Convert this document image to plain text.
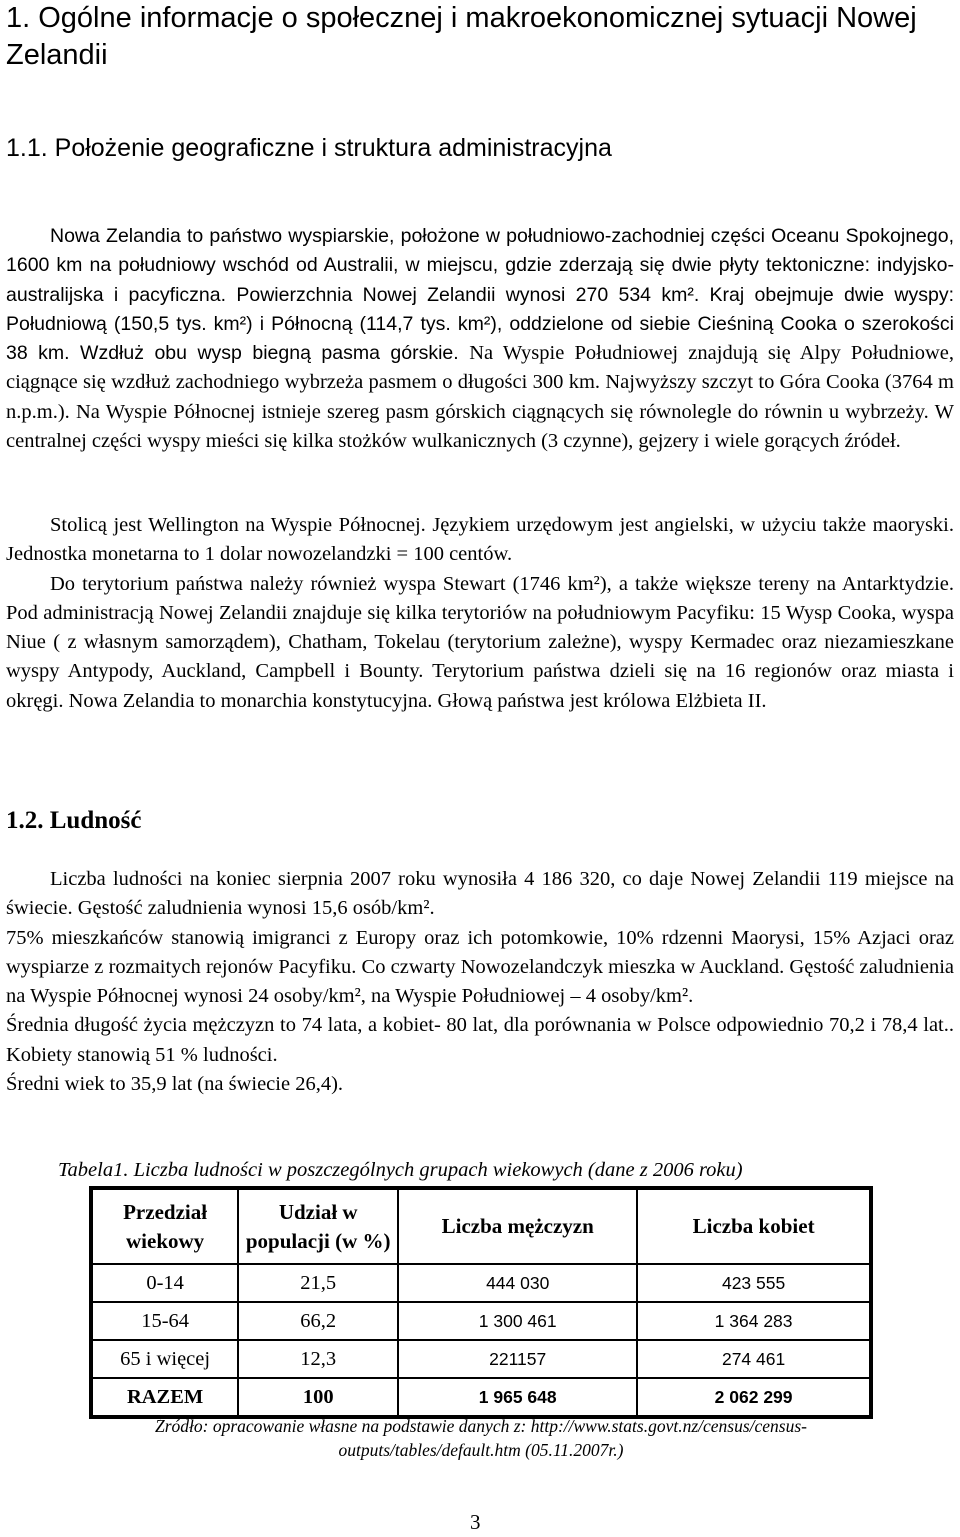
1. Ogólne informacje o społecznej i makroekonomicznej sytuacji Nowej Zelandii
1.1. Położenie geograficzne i struktura administracyjna

Nowa Zelandia to państwo wyspiarskie, położone w południowo-zachodniej części Oceanu Spokojnego, 1600 km na południowy wschód od Australii, w miejscu, gdzie zderzają się dwie płyty tektoniczne: indyjsko- australijska i pacyficzna. Powierzchnia Nowej Zelandii wynosi 270 534 km². Kraj obejmuje dwie wyspy: Południową (150,5 tys. km²) i Północną (114,7 tys. km²), oddzielone od siebie Cieśniną Cooka o szerokości 38 km. Wzdłuż obu wysp biegną pasma górskie. Na Wyspie Południowej znajdują się Alpy Południowe, ciągnące się wzdłuż zachodniego wybrzeża pasmem o długości 300 km. Najwyższy szczyt to Góra Cooka (3764 m n.p.m.). Na Wyspie Północnej istnieje szereg pasm górskich ciągnących się równolegle do równin u wybrzeży. W centralnej części wyspy mieści się kilka stożków wulkanicznych (3 czynne), gejzery i wiele gorących źródeł.

Stolicą jest Wellington na Wyspie Północnej. Językiem urzędowym jest angielski, w użyciu także maoryski. Jednostka monetarna to 1 dolar nowozelandzki = 100 centów.

Do terytorium państwa należy również wyspa Stewart (1746 km²), a także większe tereny na Antarktydzie. Pod administracją Nowej Zelandii znajduje się kilka terytoriów na południowym Pacyfiku: 15 Wysp Cooka, wyspa Niue ( z własnym samorządem), Chatham, Tokelau (terytorium zależne), wyspy Kermadec oraz niezamieszkane wyspy Antypody, Auckland, Campbell i Bounty. Terytorium państwa dzieli się na 16 regionów oraz miasta i okręgi. Nowa Zelandia to monarchia konstytucyjna. Głową państwa jest królowa Elżbieta II.

1.2. Ludność

Liczba ludności na koniec sierpnia 2007 roku wynosiła 4 186 320, co daje Nowej Zelandii 119 miejsce na świecie. Gęstość zaludnienia wynosi 15,6 osób/km².

75% mieszkańców stanowią imigranci z Europy oraz ich potomkowie, 10% rdzenni Maorysi, 15% Azjaci oraz wyspiarze z rozmaitych rejonów Pacyfiku. Co czwarty Nowozelandczyk mieszka w Auckland. Gęstość zaludnienia na Wyspie Północnej wynosi 24 osoby/km², na Wyspie Południowej – 4 osoby/km².

Średnia długość życia mężczyzn to 74 lata, a kobiet- 80 lat, dla porównania w Polsce odpowiednio 70,2 i 78,4 lat.. Kobiety stanowią 51 % ludności.

Średni wiek to 35,9 lat (na świecie 26,4).

Tabela1. Liczba ludności w poszczególnych grupach wiekowych (dane z 2006 roku)
Przedział wiekowy	Udział w populacji (w %)	Liczba mężczyzn	Liczba kobiet
0-14	21,5	444 030	423 555
15-64	66,2	1 300 461	1 364 283
65 i więcej	12,3	221157	274 461
RAZEM	100	1 965 648	2 062 299
Źródło: opracowanie własne na podstawie danych z: http://www.stats.govt.nz/census/census-outputs/tables/default.htm (05.11.2007r.)
3
